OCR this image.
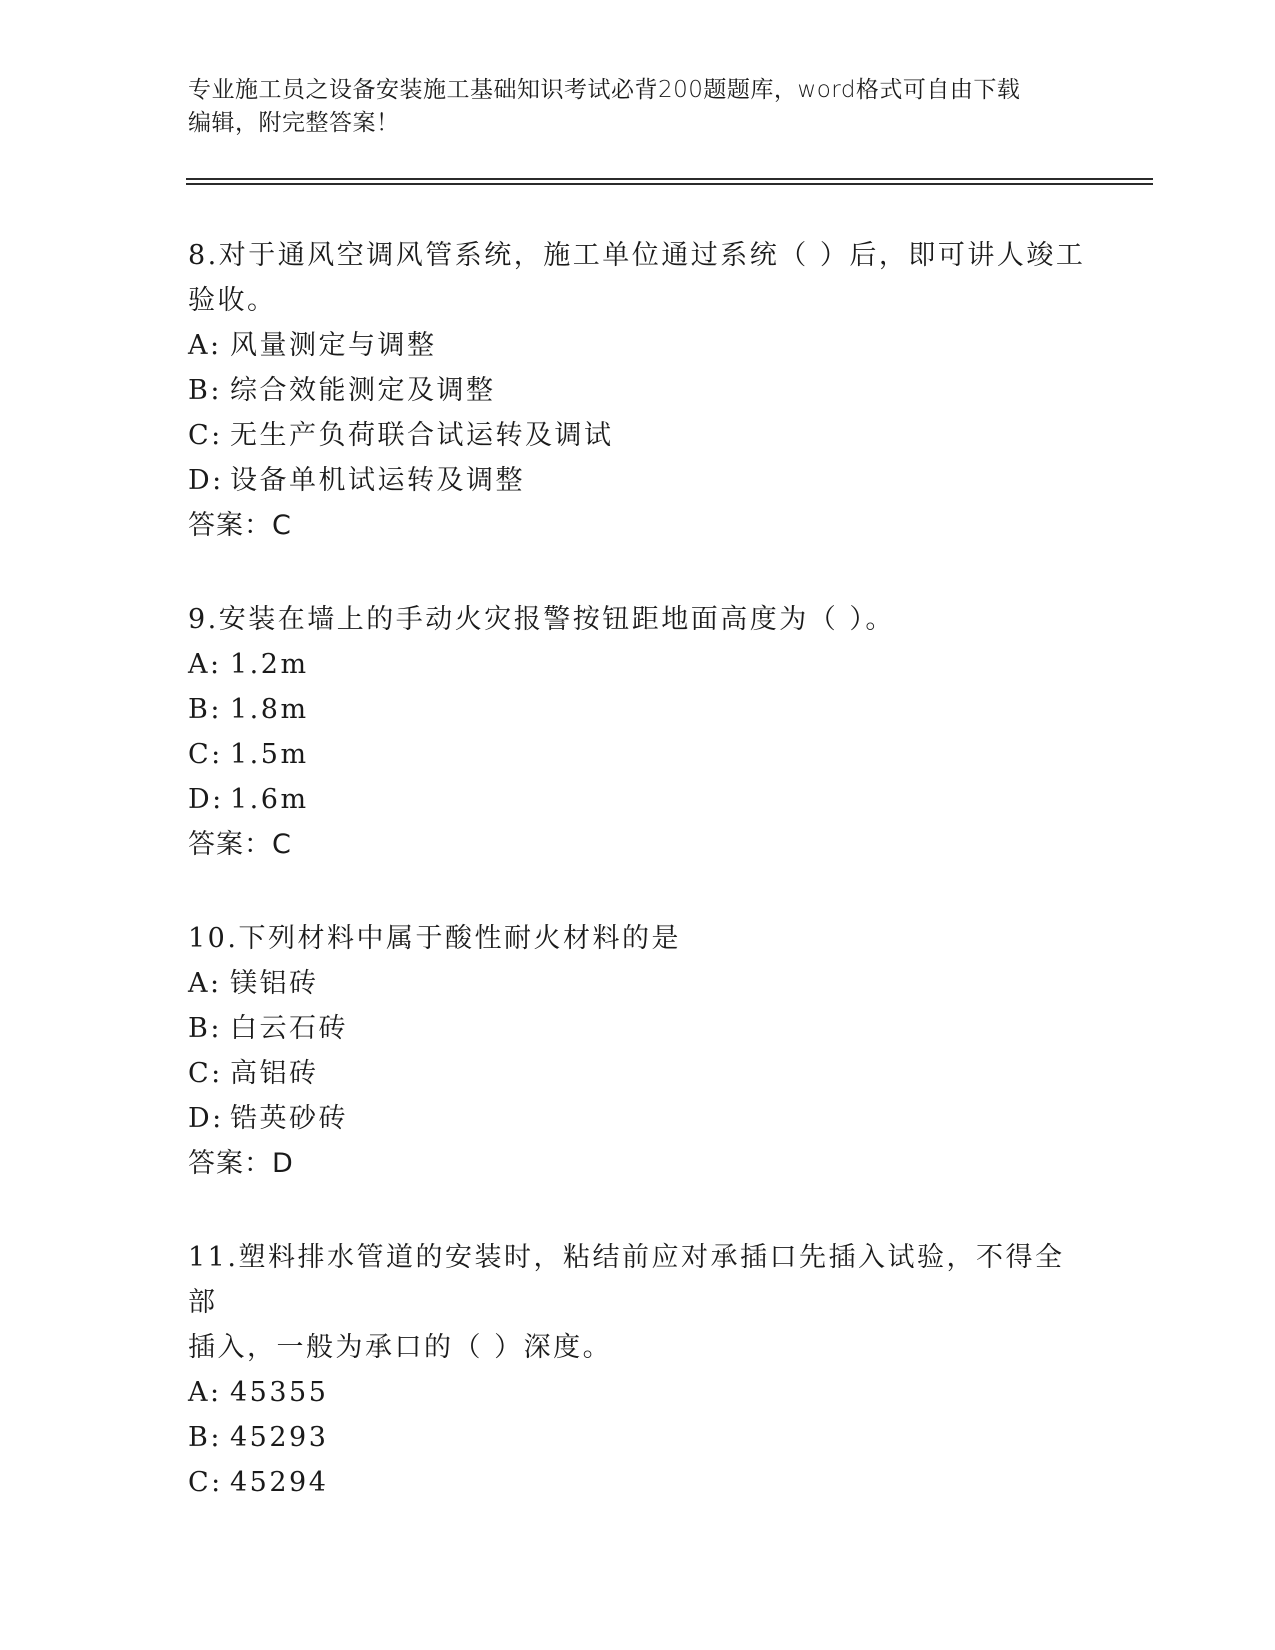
专业施工员之设备安装施工基础知识考试必背200题题库，word格式可自由下载
编辑，附完整答案！

8.对于通风空调风管系统，施工单位通过系统（ ）后，即可讲人竣工

验收。

A: 风量测定与调整

B: 综合效能测定及调整

C: 无生产负荷联合试运转及调试

D: 设备单机试运转及调整

答案：C

9.安装在墙上的手动火灾报警按钮距地面高度为（ ）。

A: 1.2m

B: 1.8m

C: 1.5m

D: 1.6m

答案：C

10.下列材料中属于酸性耐火材料的是

A: 镁铝砖

B: 白云石砖

C: 高铝砖

D: 锆英砂砖

答案：D

11.塑料排水管道的安装时，粘结前应对承插口先插入试验，不得全部

插入，一般为承口的（ ）深度。

A: 45355

B: 45293

C: 45294
